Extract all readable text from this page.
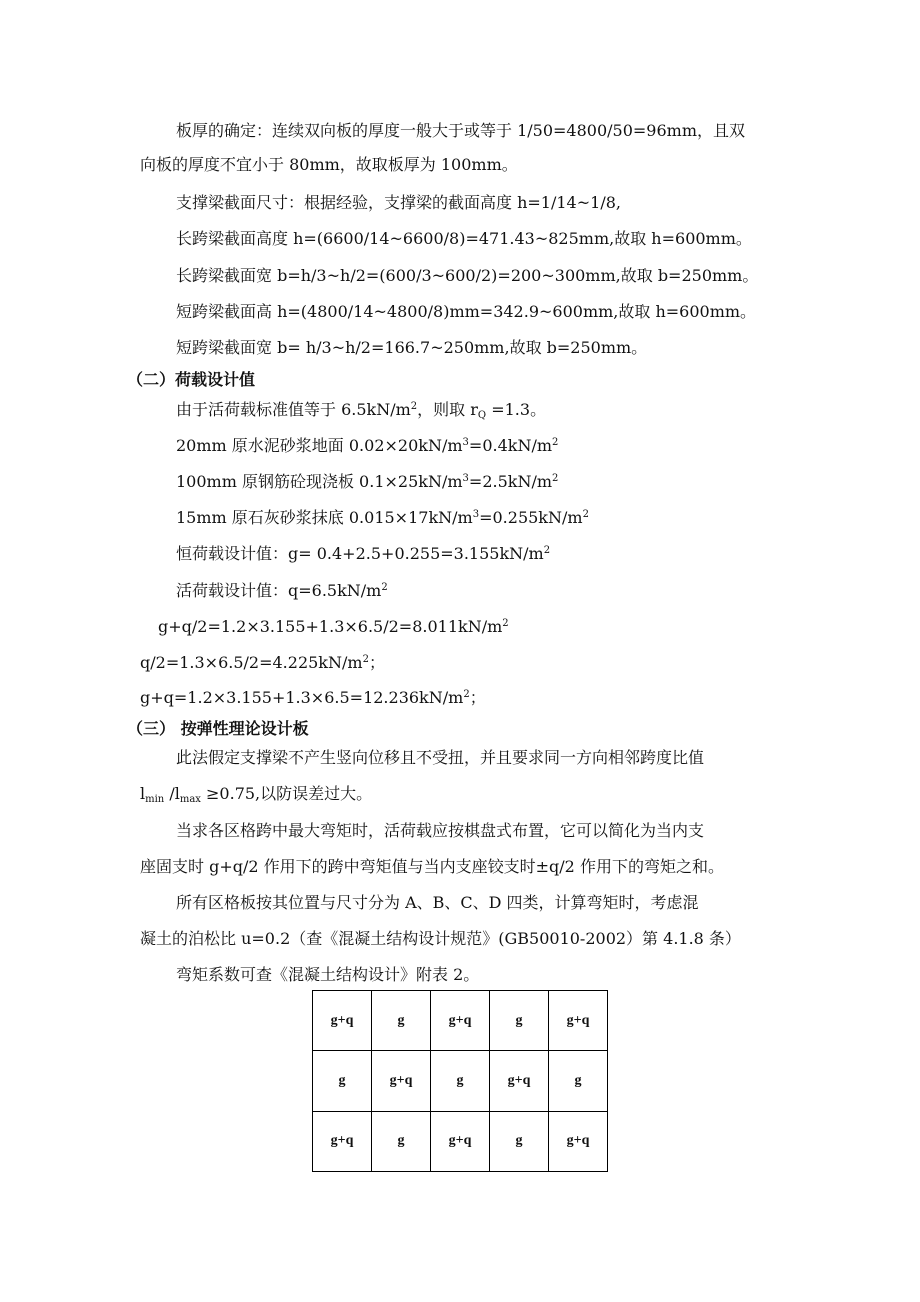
板厚的确定：连续双向板的厚度一般大于或等于 1/50=4800/50=96mm，且双
向板的厚度不宜小于 80mm，故取板厚为 100mm。
支撑梁截面尺寸：根据经验，支撑梁的截面高度 h=1/14~1/8,
长跨梁截面高度 h=(6600/14~6600/8)=471.43~825mm,故取 h=600mm。
长跨梁截面宽 b=h/3~h/2=(600/3~600/2)=200~300mm,故取 b=250mm。
短跨梁截面高 h=(4800/14~4800/8)mm=342.9~600mm,故取 h=600mm。
短跨梁截面宽 b= h/3~h/2=166.7~250mm,故取 b=250mm。
（二）荷载设计值
由于活荷载标准值等于 $6.5kN/m^2$，则取 $r_Q =1.3$。
20mm 原水泥砂浆地面 $0.02\times 20kN/m^3=0.4kN/m^2$
100mm 原钢筋砼现浇板 $0.1\times 25kN/m^3=2.5kN/m^2$
15mm 原石灰砂浆抹底 $0.015\times 17kN/m^3=0.255kN/m^2$
恒荷载设计值：$g= 0.4+2.5+0.255=3.155kN/m^2$
活荷载设计值：$q=6.5kN/m^2$
$g+q/2=1.2\times 3.155+1.3\times 6.5/2=8.011kN/m^2$
$q/2=1.3\times 6.5/2=4.225kN/m^2$；
$g+q=1.2\times 3.155+1.3\times 6.5=12.236kN/m^2$；
（三） 按弹性理论设计板
此法假定支撑梁不产生竖向位移且不受扭，并且要求同一方向相邻跨度比值
$l_{min}$ $/l_{max} \ge 0.75$,以防误差过大。
当求各区格跨中最大弯矩时，活荷载应按棋盘式布置，它可以简化为当内支
座固支时 g+q/2 作用下的跨中弯矩值与当内支座铰支时±q/2 作用下的弯矩之和。
所有区格板按其位置与尺寸分为 A、B、C、D 四类，计算弯矩时，考虑混
凝土的泊松比 u=0.2（查《混凝土结构设计规范》(GB50010-2002）第 4.1.8 条）
弯矩系数可查《混凝土结构设计》附表 2。
g+q	g	g+q	g	g+q
g	g+q	g	g+q	g
g+q	g	g+q	g	g+q
